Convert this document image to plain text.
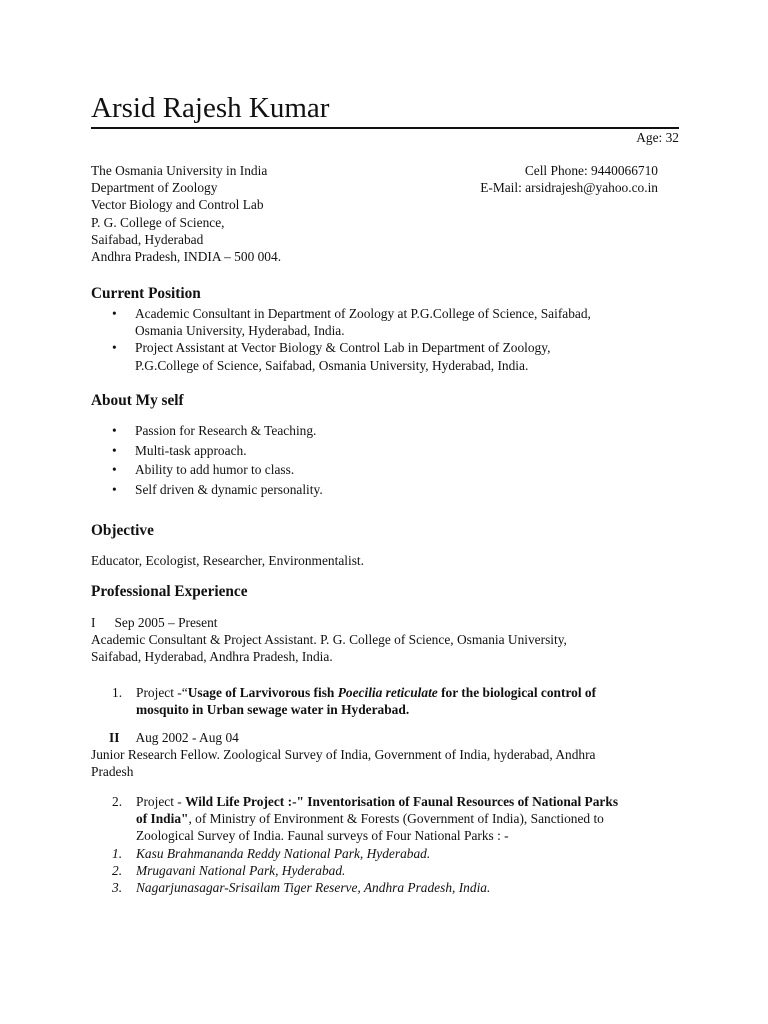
Arsid Rajesh Kumar
Age: 32
The Osmania University in India
Department of Zoology
Vector Biology and Control Lab
P. G. College of Science,
Saifabad, Hyderabad
Andhra Pradesh, INDIA – 500 004.
Cell Phone: 9440066710
E-Mail: arsidrajesh@yahoo.co.in
Current Position
• Academic Consultant in Department of Zoology at P.G.College of Science, Saifabad,
Osmania University, Hyderabad, India.
• Project Assistant at Vector Biology & Control Lab in Department of Zoology,
P.G.College of Science, Saifabad, Osmania University, Hyderabad, India.
About My self
• Passion for Research & Teaching.
• Multi-task approach.
• Ability to add humor to class.
• Self driven & dynamic personality.
Objective
Educator, Ecologist, Researcher, Environmentalist.
Professional Experience
I Sep 2005 – Present
Academic Consultant & Project Assistant. P. G. College of Science, Osmania University,
Saifabad, Hyderabad, Andhra Pradesh, India.
1. Project -“Usage of Larvivorous fish Poecilia reticulate for the biological control of
mosquito in Urban sewage water in Hyderabad.
II Aug 2002 - Aug 04
Junior Research Fellow. Zoological Survey of India, Government of India, hyderabad, Andhra
Pradesh
2. Project - Wild Life Project :-" Inventorisation of Faunal Resources of National Parks
of India", of Ministry of Environment & Forests (Government of India), Sanctioned to
Zoological Survey of India. Faunal surveys of Four National Parks : -
1. Kasu Brahmananda Reddy National Park, Hyderabad.
2. Mrugavani National Park, Hyderabad.
3. Nagarjunasagar-Srisailam Tiger Reserve, Andhra Pradesh, India.
